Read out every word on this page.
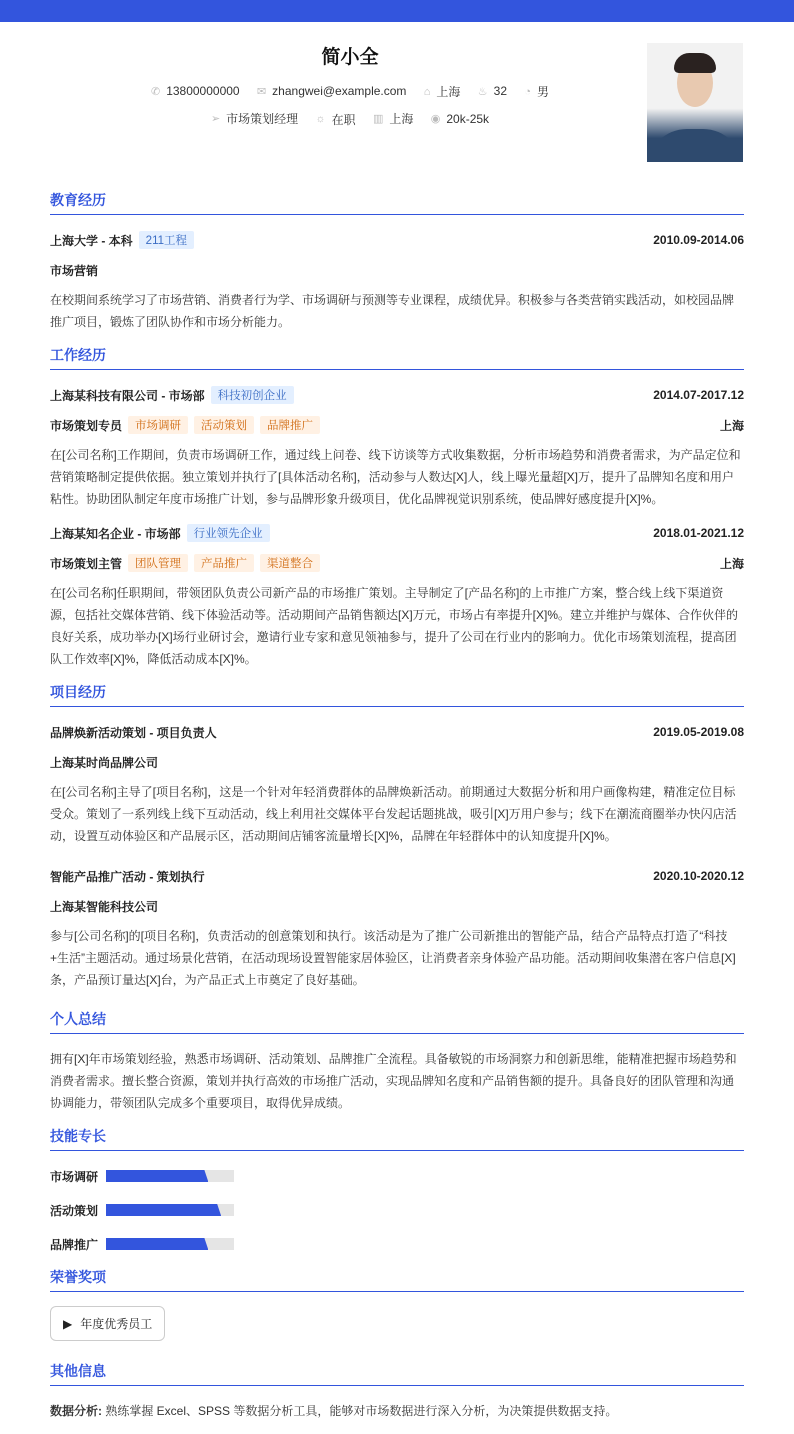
简小全
✆ 13800000000
✉ zhangwei@example.com
⌂ 上海
♨ 32
◔ 男
➢ 市场策划经理
☼ 在职
▥ 上海
◉ 20k-25k
教育经历
上海大学 - 本科	211工程	2010.09-2014.06
市场营销
在校期间系统学习了市场营销、消费者行为学、市场调研与预测等专业课程，成绩优异。积极参与各类营销实践活动，如校园品牌推广项目，锻炼了团队协作和市场分析能力。
工作经历
上海某科技有限公司 - 市场部	科技初创企业	2014.07-2017.12
市场策划专员	市场调研	活动策划	品牌推广	上海
在[公司名称]工作期间，负责市场调研工作，通过线上问卷、线下访谈等方式收集数据，分析市场趋势和消费者需求，为产品定位和营销策略制定提供依据。独立策划并执行了[具体活动名称]，活动参与人数达[X]人，线上曝光量超[X]万，提升了品牌知名度和用户粘性。协助团队制定年度市场推广计划，参与品牌形象升级项目，优化品牌视觉识别系统，使品牌好感度提升[X]%。
上海某知名企业 - 市场部	行业领先企业	2018.01-2021.12
市场策划主管	团队管理	产品推广	渠道整合	上海
在[公司名称]任职期间，带领团队负责公司新产品的市场推广策划。主导制定了[产品名称]的上市推广方案，整合线上线下渠道资源，包括社交媒体营销、线下体验活动等。活动期间产品销售额达[X]万元，市场占有率提升[X]%。建立并维护与媒体、合作伙伴的良好关系，成功举办[X]场行业研讨会，邀请行业专家和意见领袖参与，提升了公司在行业内的影响力。优化市场策划流程，提高团队工作效率[X]%，降低活动成本[X]%。
项目经历
品牌焕新活动策划 - 项目负责人	2019.05-2019.08
上海某时尚品牌公司
在[公司名称]主导了[项目名称]，这是一个针对年轻消费群体的品牌焕新活动。前期通过大数据分析和用户画像构建，精准定位目标受众。策划了一系列线上线下互动活动，线上利用社交媒体平台发起话题挑战，吸引[X]万用户参与；线下在潮流商圈举办快闪店活动，设置互动体验区和产品展示区，活动期间店铺客流量增长[X]%，品牌在年轻群体中的认知度提升[X]%。
智能产品推广活动 - 策划执行	2020.10-2020.12
上海某智能科技公司
参与[公司名称]的[项目名称]，负责活动的创意策划和执行。该活动是为了推广公司新推出的智能产品，结合产品特点打造了“科技+生活”主题活动。通过场景化营销，在活动现场设置智能家居体验区，让消费者亲身体验产品功能。活动期间收集潜在客户信息[X]条，产品预订量达[X]台，为产品正式上市奠定了良好基础。
个人总结
拥有[X]年市场策划经验，熟悉市场调研、活动策划、品牌推广全流程。具备敏锐的市场洞察力和创新思维，能精准把握市场趋势和消费者需求。擅长整合资源，策划并执行高效的市场推广活动，实现品牌知名度和产品销售额的提升。具备良好的团队管理和沟通协调能力，带领团队完成多个重要项目，取得优异成绩。
技能专长
市场调研
活动策划
品牌推广
荣誉奖项
▶ 年度优秀员工
其他信息
数据分析: 熟练掌握 Excel、SPSS 等数据分析工具，能够对市场数据进行深入分析，为决策提供数据支持。
